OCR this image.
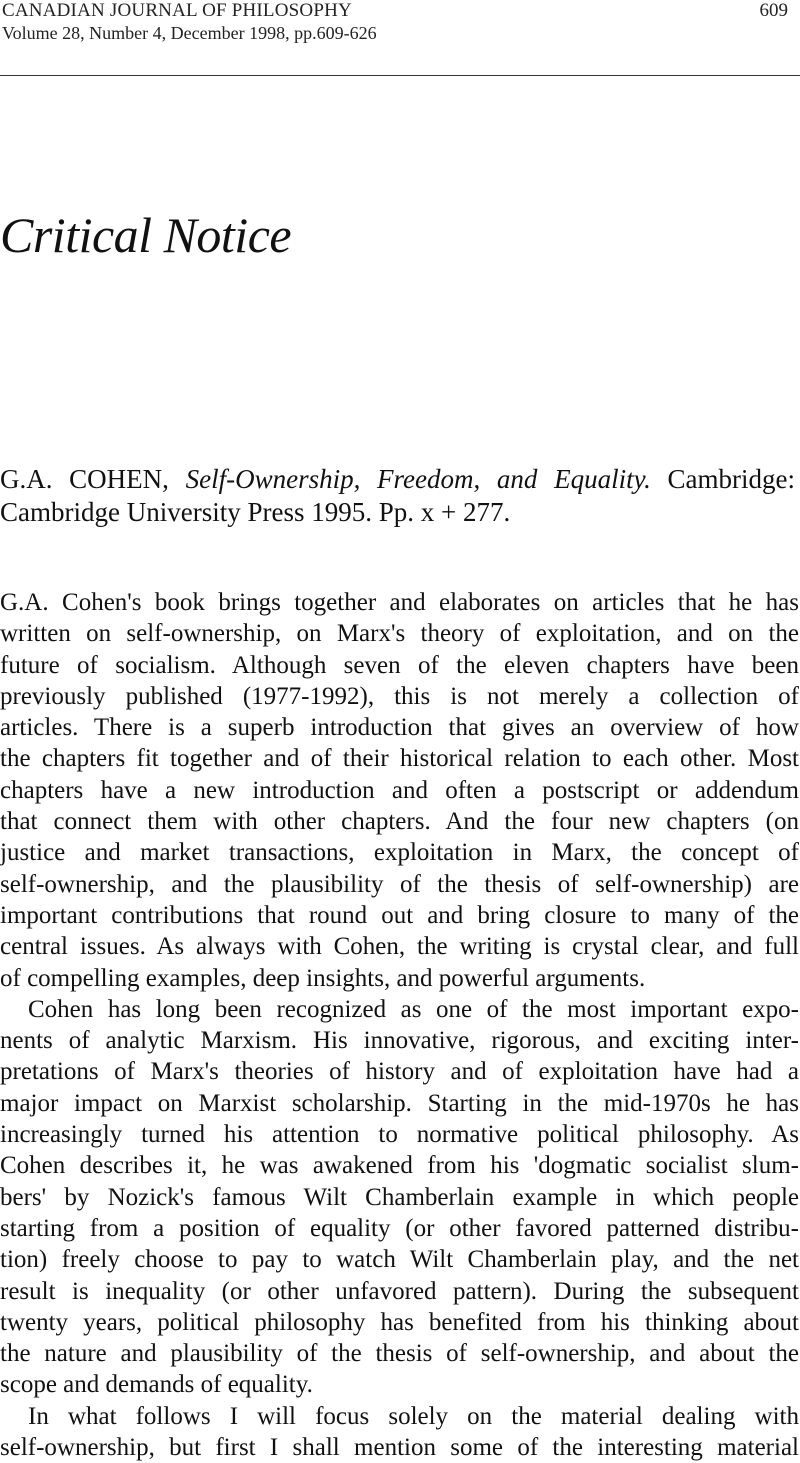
CANADIAN JOURNAL OF PHILOSOPHY
Volume 28, Number 4, December 1998, pp.609-626
609
Critical Notice
G.A. COHEN, Self-Ownership, Freedom, and Equality. Cambridge: Cambridge University Press 1995. Pp. x + 277.
G.A. Cohen's book brings together and elaborates on articles that he has
written on self-ownership, on Marx's theory of exploitation, and on the
future of socialism. Although seven of the eleven chapters have been
previously published (1977-1992), this is not merely a collection of
articles. There is a superb introduction that gives an overview of how
the chapters fit together and of their historical relation to each other. Most
chapters have a new introduction and often a postscript or addendum
that connect them with other chapters. And the four new chapters (on
justice and market transactions, exploitation in Marx, the concept of
self-ownership, and the plausibility of the thesis of self-ownership) are
important contributions that round out and bring closure to many of the
central issues. As always with Cohen, the writing is crystal clear, and full
of compelling examples, deep insights, and powerful arguments.
Cohen has long been recognized as one of the most important expo-
nents of analytic Marxism. His innovative, rigorous, and exciting inter-
pretations of Marx's theories of history and of exploitation have had a
major impact on Marxist scholarship. Starting in the mid-1970s he has
increasingly turned his attention to normative political philosophy. As
Cohen describes it, he was awakened from his 'dogmatic socialist slum-
bers' by Nozick's famous Wilt Chamberlain example in which people
starting from a position of equality (or other favored patterned distribu-
tion) freely choose to pay to watch Wilt Chamberlain play, and the net
result is inequality (or other unfavored pattern). During the subsequent
twenty years, political philosophy has benefited from his thinking about
the nature and plausibility of the thesis of self-ownership, and about the
scope and demands of equality.
In what follows I will focus solely on the material dealing with
self-ownership, but first I shall mention some of the interesting material
